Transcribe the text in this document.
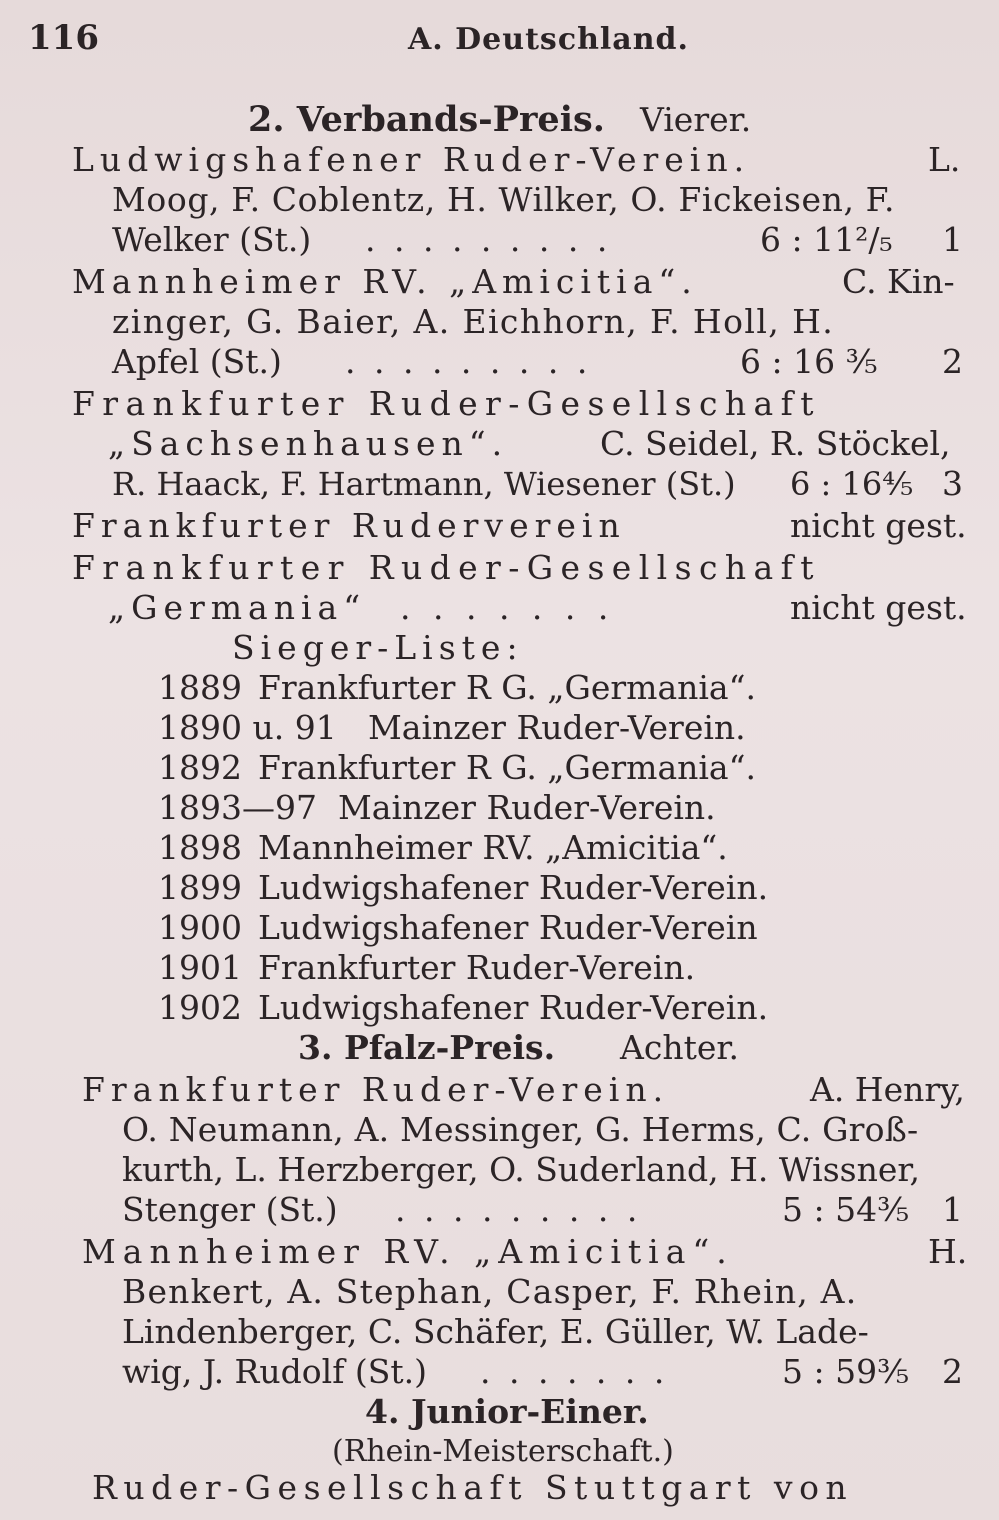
116	A. Deutschland.
2. Verbands-Preis. Vierer.
Ludwigshafener Ruder-Verein.	L.
Moog, F. Coblentz, H. Wilker, O. Fickeisen, F.
Welker (St.) . . . . . . . . .	6 : 11²/₅ 1
Mannheimer RV. „Amicitia“.	C. Kin-
zinger, G. Baier, A. Eichhorn, F. Holl, H.
Apfel (St.) . . . . . . . . .	6 : 16 ³⁄₅ 2
Frankfurter Ruder-Gesellschaft
„Sachsenhausen“.	C. Seidel, R. Stöckel,
R. Haack, F. Hartmann, Wiesener (St.) 6 : 16⁴⁄₅ 3
Frankfurter Ruderverein	nicht gest.
Frankfurter Ruder-Gesellschaft
„Germania“ . . . . . . .	nicht gest.
Sieger-Liste:
1889 Frankfurter R G. „Germania“.
1890 u. 91 Mainzer Ruder-Verein.
1892 Frankfurter R G. „Germania“.
1893—97 Mainzer Ruder-Verein.
1898 Mannheimer RV. „Amicitia“.
1899 Ludwigshafener Ruder-Verein.
1900 Ludwigshafener Ruder-Verein
1901 Frankfurter Ruder-Verein.
1902 Ludwigshafener Ruder-Verein.
3. Pfalz-Preis. Achter.
Frankfurter Ruder-Verein.	A. Henry,
O. Neumann, A. Messinger, G. Herms, C. Groß-
kurth, L. Herzberger, O. Suderland, H. Wissner,
Stenger (St.) . . . . . . . . .	5 : 54³⁄₅ 1
Mannheimer RV. „Amicitia“.	H.
Benkert, A. Stephan, Casper, F. Rhein, A.
Lindenberger, C. Schäfer, E. Güller, W. Lade-
wig, J. Rudolf (St.) . . . . . . .	5 : 59³⁄₅ 2
4. Junior-Einer.
(Rhein-Meisterschaft.)
Ruder-Gesellschaft Stuttgart von
